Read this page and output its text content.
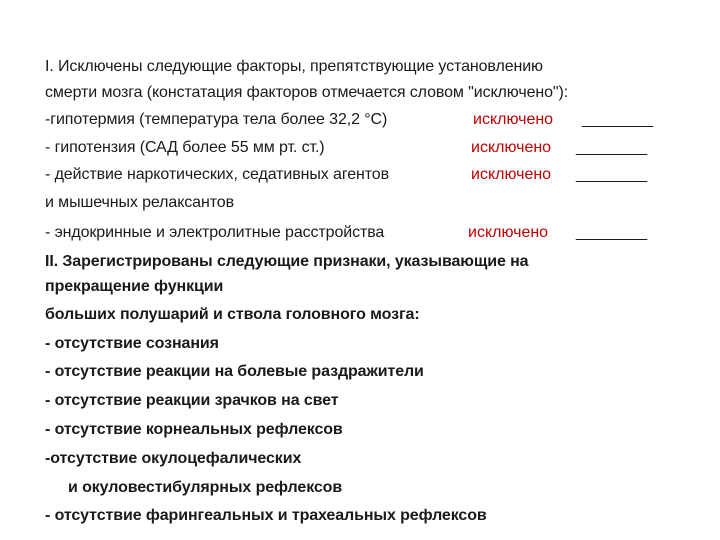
I. Исключены следующие факторы, препятствующие установлению
смерти мозга (констатация факторов отмечается словом "исключено"):
-гипотермия (температура тела более 32,2 °С)	исключено ________
- гипотензия (САД более 55 мм рт. ст.)	исключено ________
- действие наркотических, седативных агентов	исключено ________
и мышечных релаксантов
- эндокринные и электролитные расстройства	исключено ________
II. Зарегистрированы следующие признаки, указывающие на
прекращение функции
больших полушарий и ствола головного мозга:
- отсутствие сознания
- отсутствие реакции на болевые раздражители
- отсутствие реакции зрачков на свет
- отсутствие корнеальных рефлексов
-отсутствие окулоцефалических
и окуловестибулярных рефлексов
- отсутствие фарингеальных и трахеальных рефлексов
